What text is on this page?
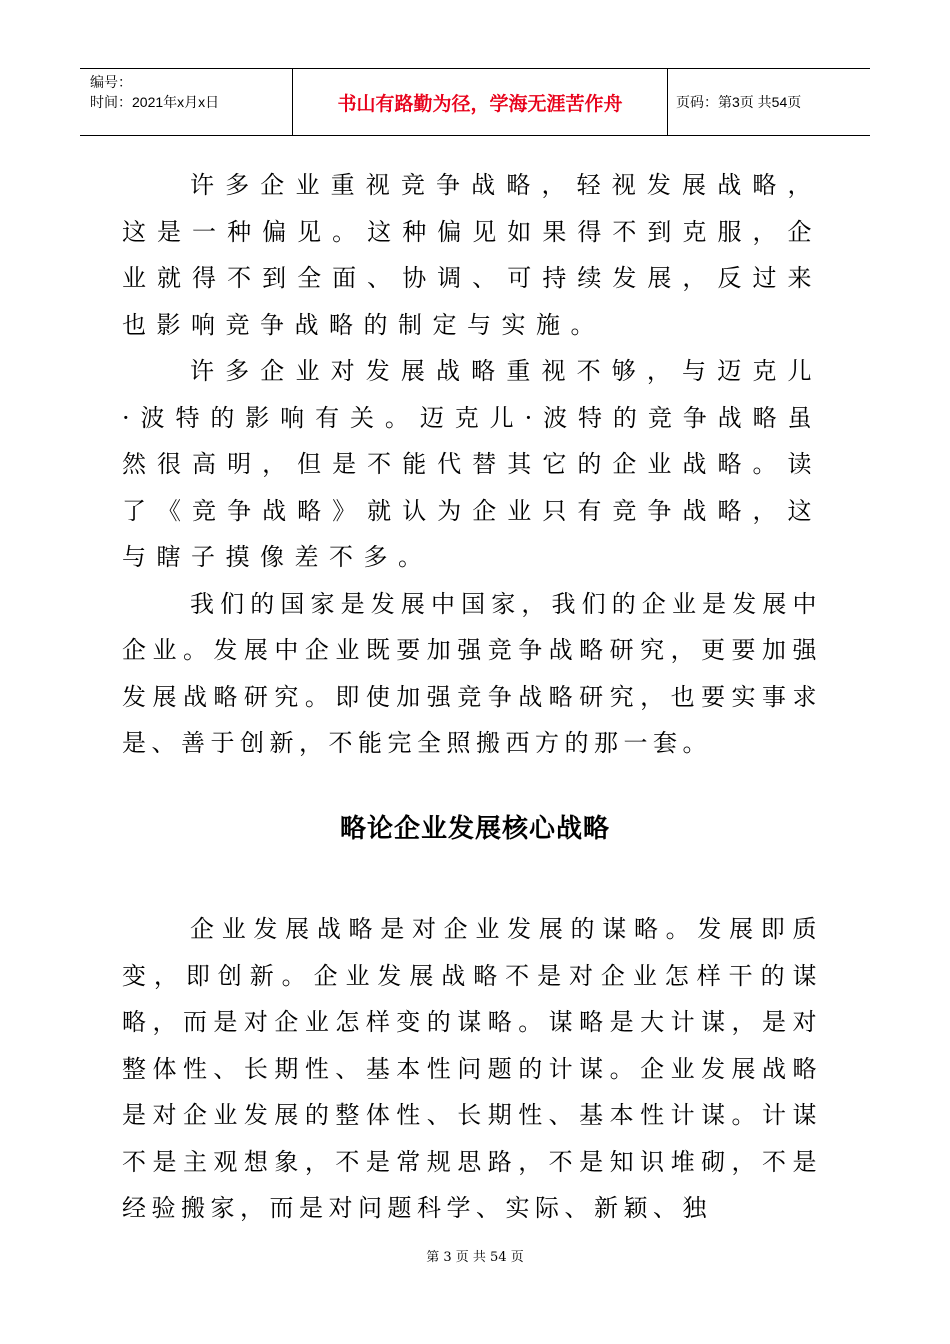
编号：
时间：2021年x月x日	书山有路勤为径，学海无涯苦作舟	页码：第3页 共54页

许多企业重视竞争战略，轻视发展战略，这是一种偏见。这种偏见如果得不到克服，企业就得不到全面、协调、可持续发展，反过来也影响竞争战略的制定与实施。

许多企业对发展战略重视不够，与迈克儿·波特的影响有关。迈克儿·波特的竞争战略虽然很高明，但是不能代替其它的企业战略。读了《竞争战略》就认为企业只有竞争战略，这与瞎子摸像差不多。

我们的国家是发展中国家，我们的企业是发展中企业。发展中企业既要加强竞争战略研究，更要加强发展战略研究。即使加强竞争战略研究，也要实事求是、善于创新，不能完全照搬西方的那一套。

略论企业发展核心战略

企业发展战略是对企业发展的谋略。发展即质变，即创新。企业发展战略不是对企业怎样干的谋略，而是对企业怎样变的谋略。谋略是大计谋，是对整体性、长期性、基本性问题的计谋。企业发展战略是对企业发展的整体性、长期性、基本性计谋。计谋不是主观想象，不是常规思路，不是知识堆砌，不是经验搬家，而是对问题科学、实际、新颖、独

第 3 页 共 54 页
